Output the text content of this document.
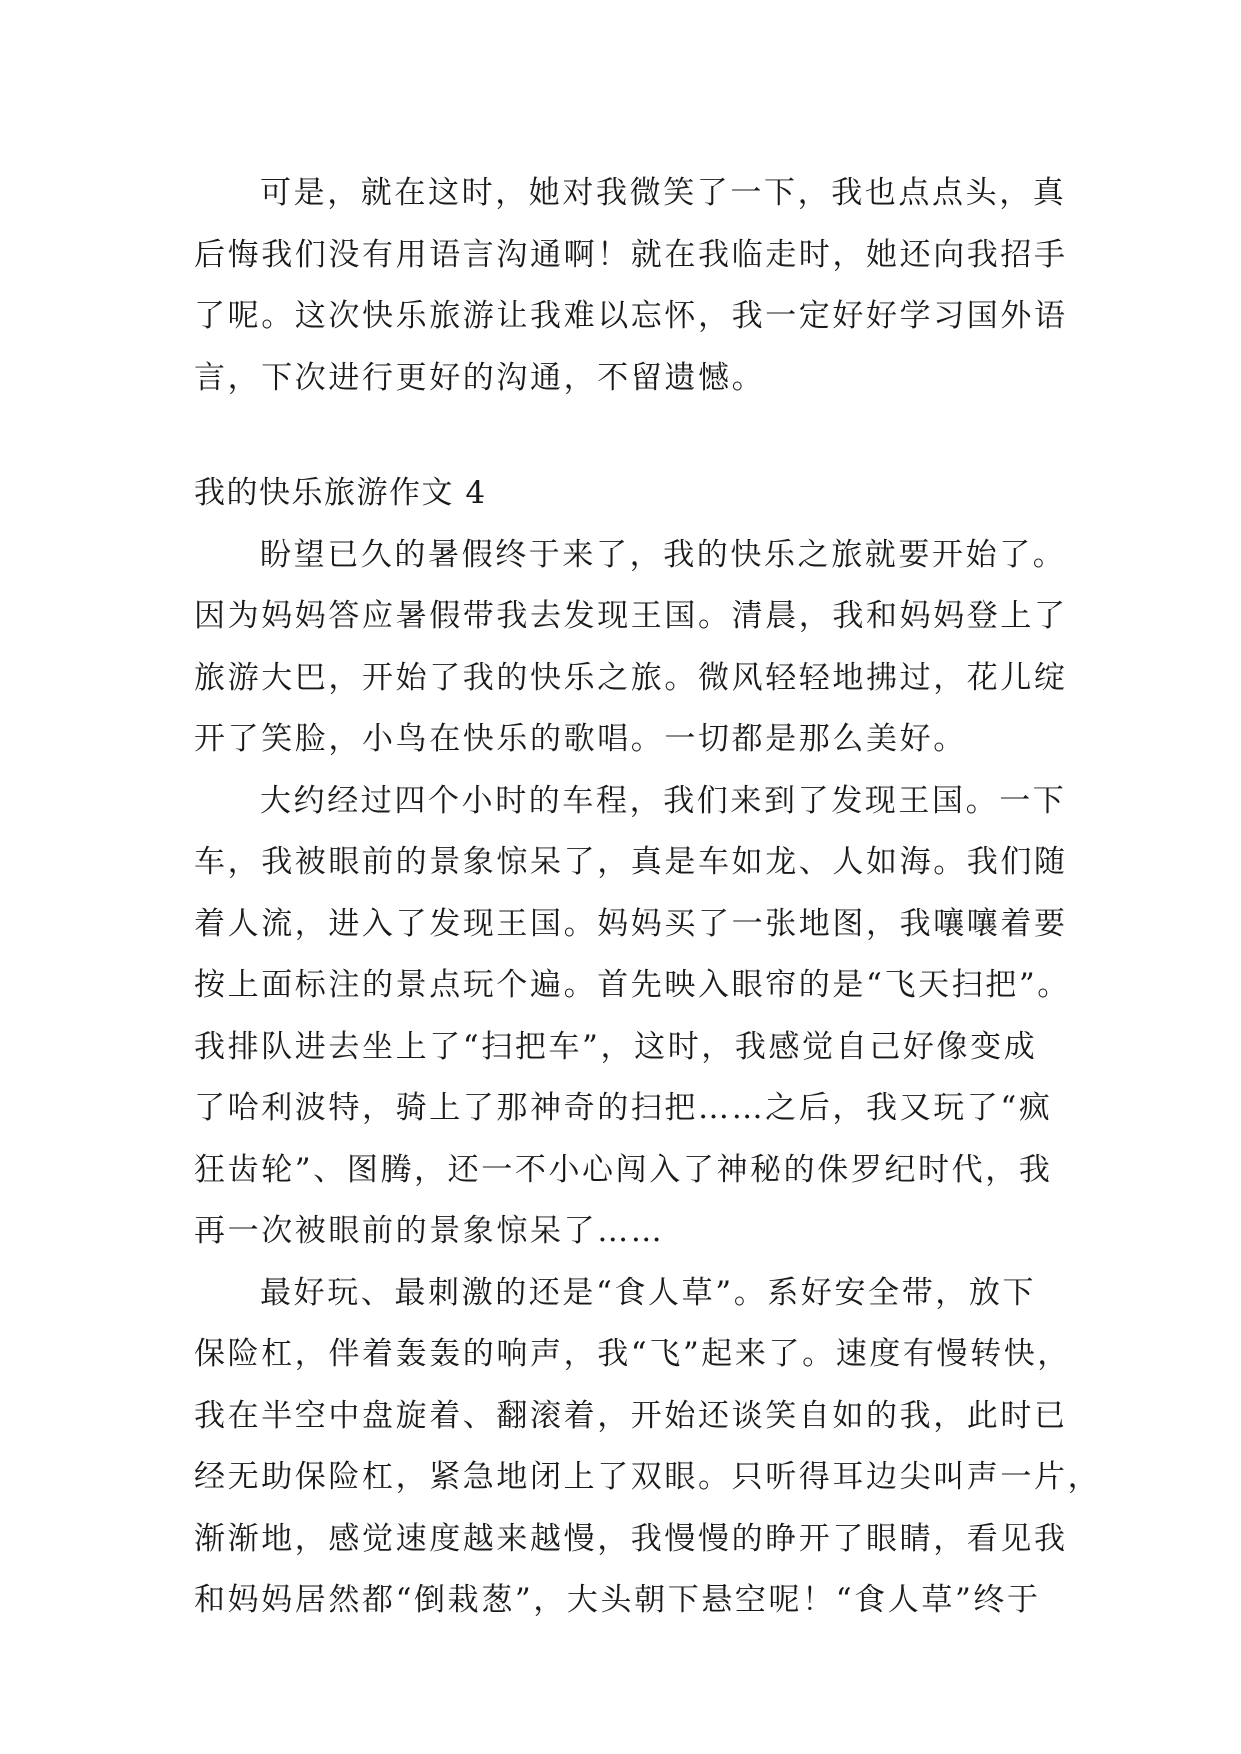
可是，就在这时，她对我微笑了一下，我也点点头，真
后悔我们没有用语言沟通啊！就在我临走时，她还向我招手
了呢。这次快乐旅游让我难以忘怀，我一定好好学习国外语
言，下次进行更好的沟通，不留遗憾。
我的快乐旅游作文 4
盼望已久的暑假终于来了，我的快乐之旅就要开始了。
因为妈妈答应暑假带我去发现王国。清晨，我和妈妈登上了
旅游大巴，开始了我的快乐之旅。微风轻轻地拂过，花儿绽
开了笑脸，小鸟在快乐的歌唱。一切都是那么美好。
大约经过四个小时的车程，我们来到了发现王国。一下
车，我被眼前的景象惊呆了，真是车如龙、人如海。我们随
着人流，进入了发现王国。妈妈买了一张地图，我嚷嚷着要
按上面标注的景点玩个遍。首先映入眼帘的是“飞天扫把”。
我排队进去坐上了“扫把车”，这时，我感觉自己好像变成
了哈利波特，骑上了那神奇的扫把……之后，我又玩了“疯
狂齿轮”、图腾，还一不小心闯入了神秘的侏罗纪时代，我
再一次被眼前的景象惊呆了……
最好玩、最刺激的还是“食人草”。系好安全带，放下
保险杠，伴着轰轰的响声，我“飞”起来了。速度有慢转快，
我在半空中盘旋着、翻滚着，开始还谈笑自如的我，此时已
经无助保险杠，紧急地闭上了双眼。只听得耳边尖叫声一片，
渐渐地，感觉速度越来越慢，我慢慢的睁开了眼睛，看见我
和妈妈居然都“倒栽葱”，大头朝下悬空呢！“食人草”终于
